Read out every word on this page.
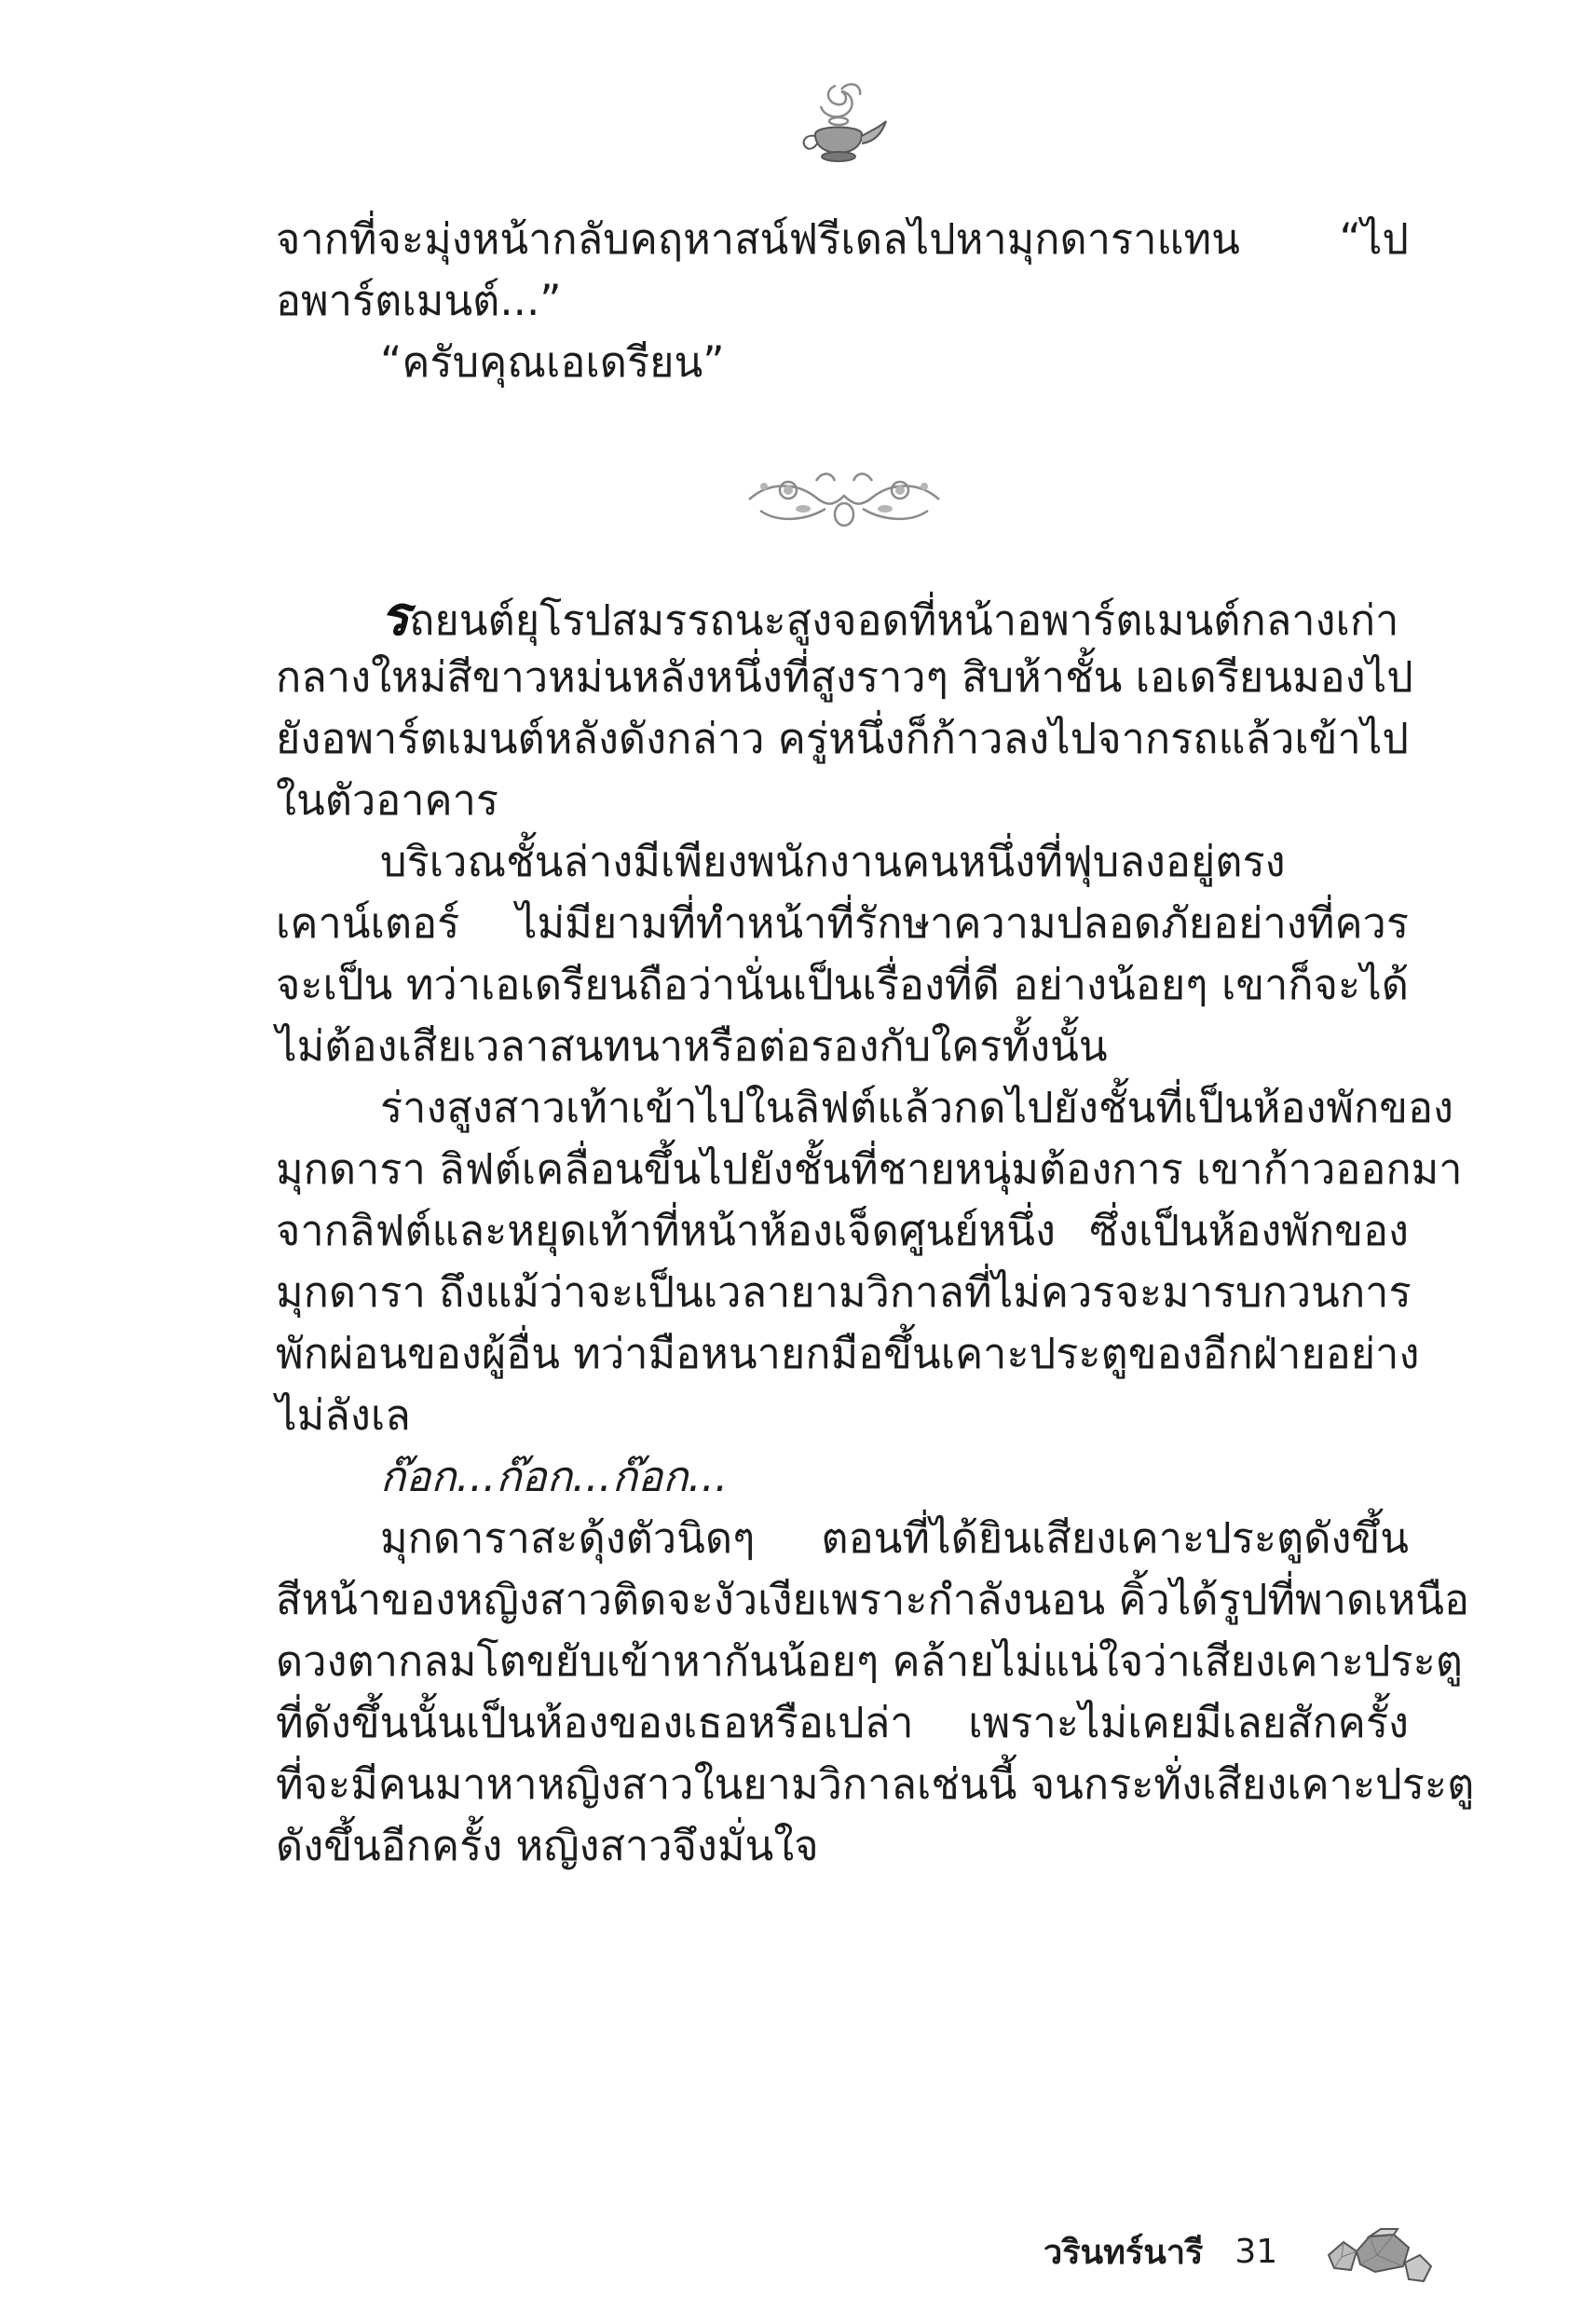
จากที่จะมุ่งหน้ากลับคฤหาสน์ฟรีเดลไปหามุกดาราแทน “ไป
อพาร์ตเมนต์...”
“ครับคุณเอเดรียน”
รถยนต์ยุโรปสมรรถนะสูงจอดที่หน้าอพาร์ตเมนต์กลางเก่า
กลางใหม่สีขาวหม่นหลังหนึ่งที่สูงราวๆ สิบห้าชั้น เอเดรียนมองไป
ยังอพาร์ตเมนต์หลังดังกล่าว ครู่หนึ่งก็ก้าวลงไปจากรถแล้วเข้าไป
ในตัวอาคาร
บริเวณชั้นล่างมีเพียงพนักงานคนหนึ่งที่ฟุบลงอยู่ตรง
เคาน์เตอร์ ไม่มียามที่ทำหน้าที่รักษาความปลอดภัยอย่างที่ควร
จะเป็น ทว่าเอเดรียนถือว่านั่นเป็นเรื่องที่ดี อย่างน้อยๆ เขาก็จะได้
ไม่ต้องเสียเวลาสนทนาหรือต่อรองกับใครทั้งนั้น
ร่างสูงสาวเท้าเข้าไปในลิฟต์แล้วกดไปยังชั้นที่เป็นห้องพักของ
มุกดารา ลิฟต์เคลื่อนขึ้นไปยังชั้นที่ชายหนุ่มต้องการ เขาก้าวออกมา
จากลิฟต์และหยุดเท้าที่หน้าห้องเจ็ดศูนย์หนึ่ง ซึ่งเป็นห้องพักของ
มุกดารา ถึงแม้ว่าจะเป็นเวลายามวิกาลที่ไม่ควรจะมารบกวนการ
พักผ่อนของผู้อื่น ทว่ามือหนายกมือขึ้นเคาะประตูของอีกฝ่ายอย่าง
ไม่ลังเล
ก๊อก...ก๊อก...ก๊อก...
มุกดาราสะดุ้งตัวนิดๆ ตอนที่ได้ยินเสียงเคาะประตูดังขึ้น
สีหน้าของหญิงสาวติดจะงัวเงียเพราะกำลังนอน คิ้วได้รูปที่พาดเหนือ
ดวงตากลมโตขยับเข้าหากันน้อยๆ คล้ายไม่แน่ใจว่าเสียงเคาะประตู
ที่ดังขึ้นนั้นเป็นห้องของเธอหรือเปล่า เพราะไม่เคยมีเลยสักครั้ง
ที่จะมีคนมาหาหญิงสาวในยามวิกาลเช่นนี้ จนกระทั่งเสียงเคาะประตู
ดังขึ้นอีกครั้ง หญิงสาวจึงมั่นใจ
วรินทร์นารี 31
